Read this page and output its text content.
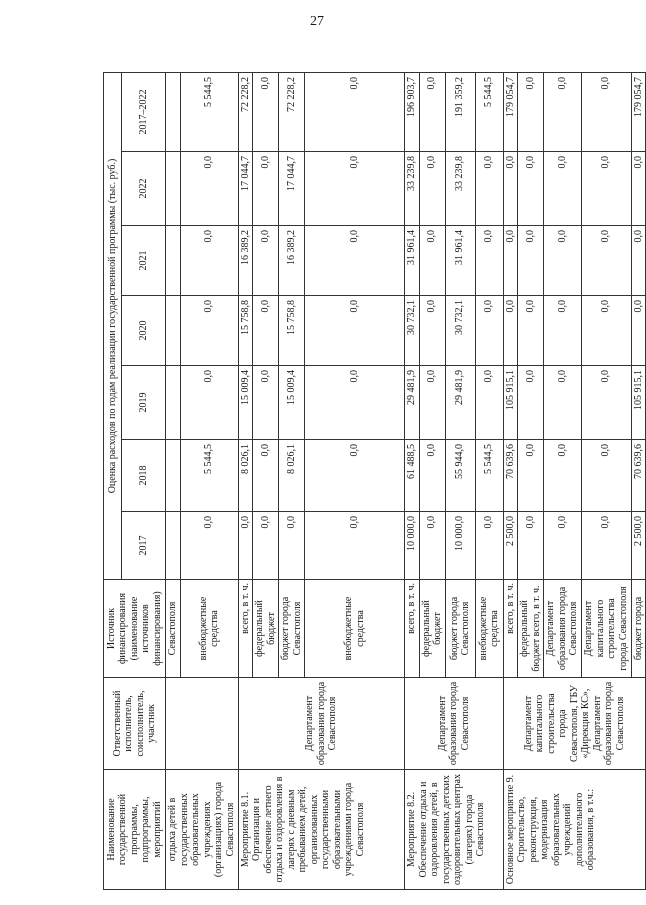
27
Наименование государственной программы, подпрограммы, мероприятий	Ответственный исполнитель, соисполнитель, участник	Источник финансирования (наименование источников финансирования)	Оценка расходов по годам реализации государственной программы (тыс. руб.)						
			2017	2018	2019	2020	2021	2022	2017–2022
отдыха детей в государственных образовательных учреждениях (организациях) города Севастополя		Севастополя							
		внебюджетные средства	0,0	5 544,5	0,0	0,0	0,0	0,0	5 544,5
Мероприятие 8.1. Организация и обеспечение летнего отдыха и оздоровления в лагерях с дневным пребыванием детей, организованных государственными образовательными учреждениями города Севастополя	Департамент образования города Севастополя	всего, в т. ч.	0,0	8 026,1	15 009,4	15 758,8	16 389,2	17 044,7	72 228,2
		федеральный бюджет	0,0	0,0	0,0	0,0	0,0	0,0	0,0
		бюджет города Севастополя	0,0	8 026,1	15 009,4	15 758,8	16 389,2	17 044,7	72 228,2
		внебюджетные средства	0,0	0,0	0,0	0,0	0,0	0,0	0,0
Мероприятие 8.2. Обеспечение отдыха и оздоровления детей, в государственных детских оздоровительных центрах (лагерях) города Севастополя	Департамент образования города Севастополя	всего, в т. ч.	10 000,0	61 488,5	29 481,9	30 732,1	31 961,4	33 239,8	196 903,7
		федеральный бюджет	0,0	0,0	0,0	0,0	0,0	0,0	0,0
		бюджет города Севастополя	10 000,0	55 944,0	29 481,9	30 732,1	31 961,4	33 239,8	191 359,2
		внебюджетные средства	0,0	5 544,5	0,0	0,0	0,0	0,0	5 544,5
Основное мероприятие 9. Строительство, реконструкция, модернизация образовательных учреждений дополнительного образования, в т.ч.:	Департамент капитального строительства города Севастополя, ГБУ «Дирекция КС», Департамент образования города Севастополя	всего, в т. ч.	2 500,0	70 639,6	105 915,1	0,0	0,0	0,0	179 054,7
		федеральный бюджет всего, в т. ч.	0,0	0,0	0,0	0,0	0,0	0,0	0,0
		Департамент образования города Севастополя	0,0	0,0	0,0	0,0	0,0	0,0	0,0
		Департамент капитального строительства города Севастополя	0,0	0,0	0,0	0,0	0,0	0,0	0,0
		бюджет города	2 500,0	70 639,6	105 915,1	0,0	0,0	0,0	179 054,7
